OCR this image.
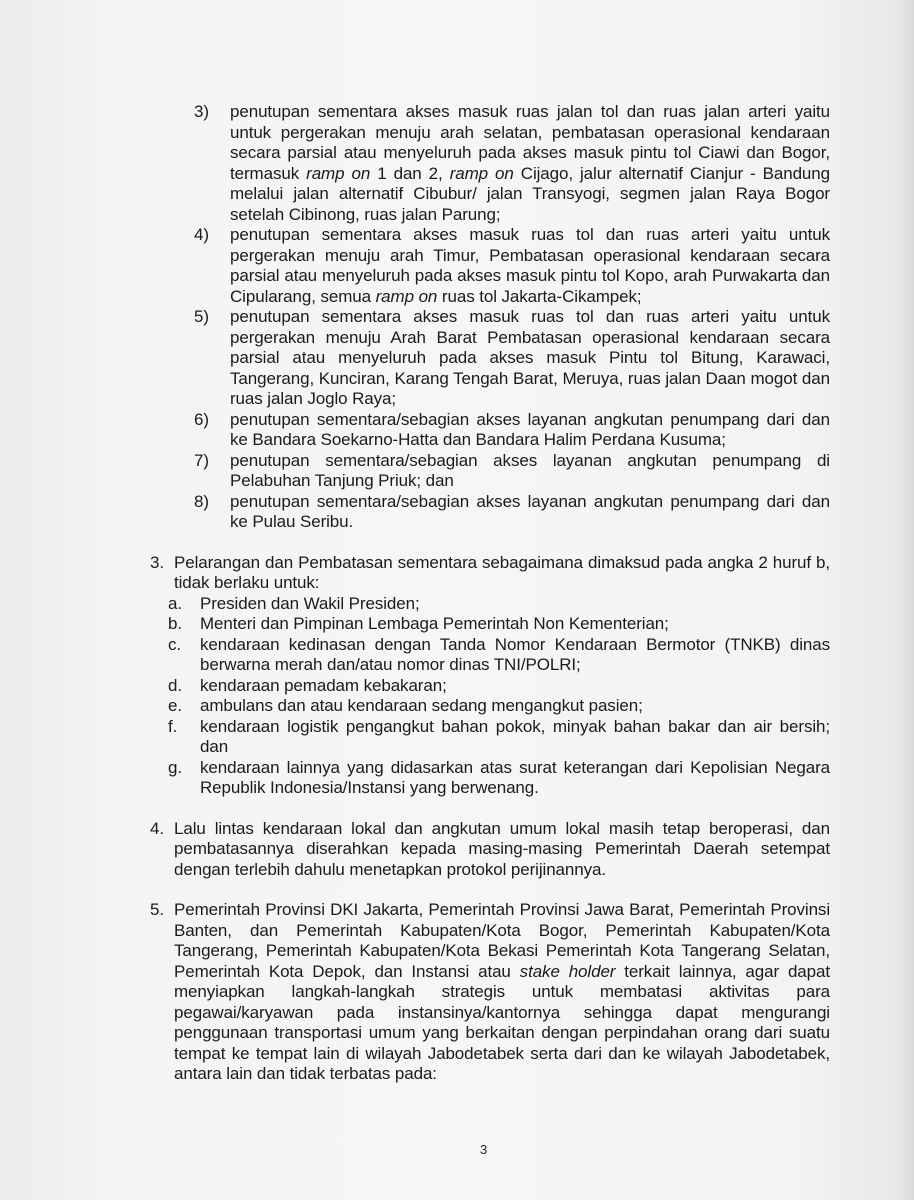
3) penutupan sementara akses masuk ruas jalan tol dan ruas jalan arteri yaitu untuk pergerakan menuju arah selatan, pembatasan operasional kendaraan secara parsial atau menyeluruh pada akses masuk pintu tol Ciawi dan Bogor, termasuk ramp on 1 dan 2, ramp on Cijago, jalur alternatif Cianjur - Bandung melalui jalan alternatif Cibubur/ jalan Transyogi, segmen jalan Raya Bogor setelah Cibinong, ruas jalan Parung;
4) penutupan sementara akses masuk ruas tol dan ruas arteri yaitu untuk pergerakan menuju arah Timur, Pembatasan operasional kendaraan secara parsial atau menyeluruh pada akses masuk pintu tol Kopo, arah Purwakarta dan Cipularang, semua ramp on ruas tol Jakarta-Cikampek;
5) penutupan sementara akses masuk ruas tol dan ruas arteri yaitu untuk pergerakan menuju Arah Barat Pembatasan operasional kendaraan secara parsial atau menyeluruh pada akses masuk Pintu tol Bitung, Karawaci, Tangerang, Kunciran, Karang Tengah Barat, Meruya, ruas jalan Daan mogot dan ruas jalan Joglo Raya;
6) penutupan sementara/sebagian akses layanan angkutan penumpang dari dan ke Bandara Soekarno-Hatta dan Bandara Halim Perdana Kusuma;
7) penutupan sementara/sebagian akses layanan angkutan penumpang di Pelabuhan Tanjung Priuk; dan
8) penutupan sementara/sebagian akses layanan angkutan penumpang dari dan ke Pulau Seribu.
3. Pelarangan dan Pembatasan sementara sebagaimana dimaksud pada angka 2 huruf b, tidak berlaku untuk:
a. Presiden dan Wakil Presiden;
b. Menteri dan Pimpinan Lembaga Pemerintah Non Kementerian;
c. kendaraan kedinasan dengan Tanda Nomor Kendaraan Bermotor (TNKB) dinas berwarna merah dan/atau nomor dinas TNI/POLRI;
d. kendaraan pemadam kebakaran;
e. ambulans dan atau kendaraan sedang mengangkut pasien;
f. kendaraan logistik pengangkut bahan pokok, minyak bahan bakar dan air bersih; dan
g. kendaraan lainnya yang didasarkan atas surat keterangan dari Kepolisian Negara Republik Indonesia/Instansi yang berwenang.
4. Lalu lintas kendaraan lokal dan angkutan umum lokal masih tetap beroperasi, dan pembatasannya diserahkan kepada masing-masing Pemerintah Daerah setempat dengan terlebih dahulu menetapkan protokol perijinannya.
5. Pemerintah Provinsi DKI Jakarta, Pemerintah Provinsi Jawa Barat, Pemerintah Provinsi Banten, dan Pemerintah Kabupaten/Kota Bogor, Pemerintah Kabupaten/Kota Tangerang, Pemerintah Kabupaten/Kota Bekasi Pemerintah Kota Tangerang Selatan, Pemerintah Kota Depok, dan Instansi atau stake holder terkait lainnya, agar dapat menyiapkan langkah-langkah strategis untuk membatasi aktivitas para pegawai/karyawan pada instansinya/kantornya sehingga dapat mengurangi penggunaan transportasi umum yang berkaitan dengan perpindahan orang dari suatu tempat ke tempat lain di wilayah Jabodetabek serta dari dan ke wilayah Jabodetabek, antara lain dan tidak terbatas pada:
3
